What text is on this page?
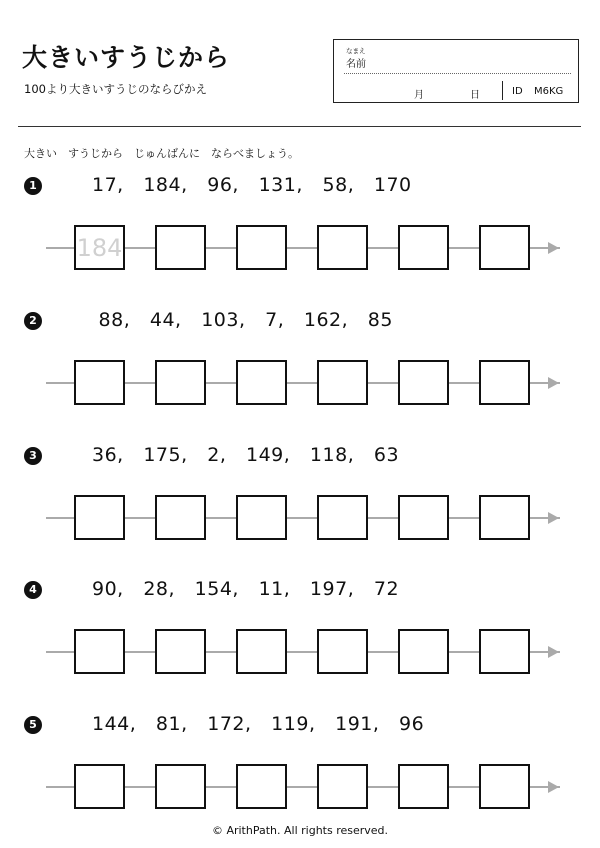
大きいすうじから
100より大きいすうじのならびかえ
なまえ
名前
月	日	ID M6KG
大きい　すうじから　じゅんばんに　ならべましょう。
1	17,   184,   96,   131,   58,   170
184
2	88,   44,   103,   7,   162,   85
3	36,   175,   2,   149,   118,   63
4	90,   28,   154,   11,   197,   72
5	144,   81,   172,   119,   191,   96
© ArithPath. All rights reserved.
